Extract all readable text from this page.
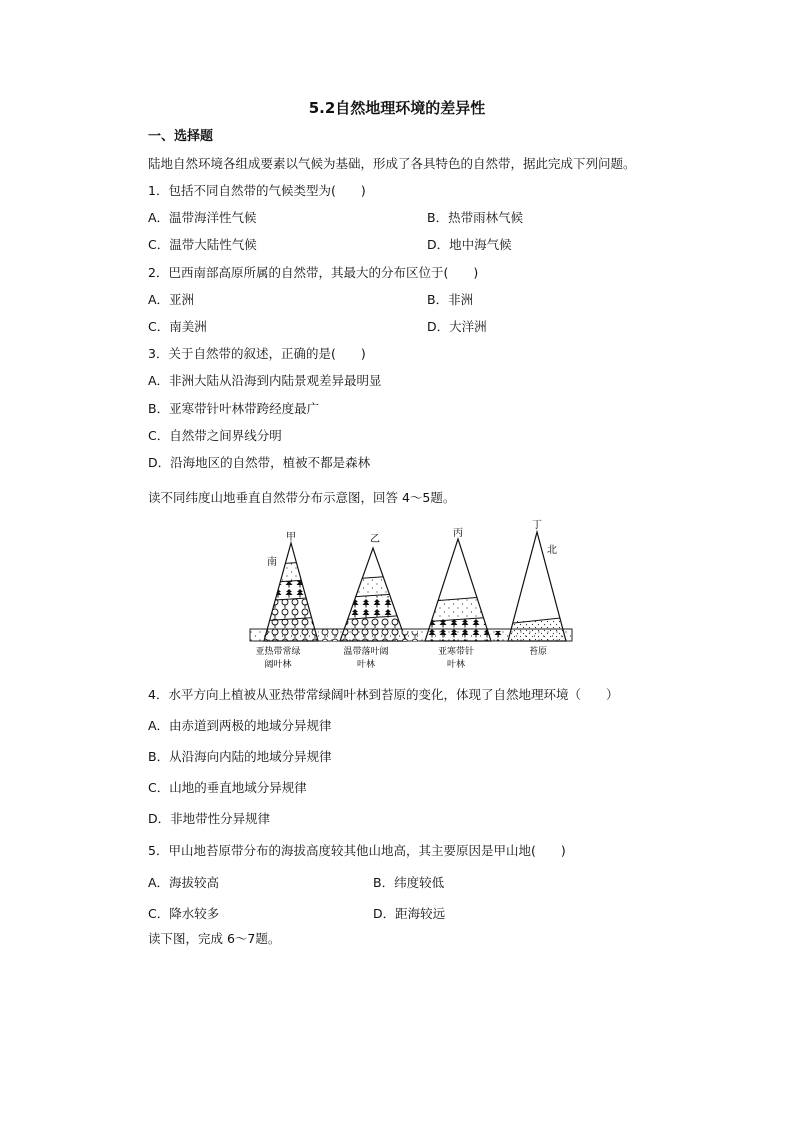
5.2自然地理环境的差异性
一、选择题
陆地自然环境各组成要素以气候为基础，形成了各具特色的自然带，据此完成下列问题。
1．包括不同自然带的气候类型为(　　)
A．温带海洋性气候	B．热带雨林气候
C．温带大陆性气候	D．地中海气候
2．巴西南部高原所属的自然带，其最大的分布区位于(　　)
A．亚洲	B．非洲
C．南美洲	D．大洋洲
3．关于自然带的叙述，正确的是(　　)
A．非洲大陆从沿海到内陆景观差异最明显
B．亚寒带针叶林带跨经度最广
C．自然带之间界线分明
D．沿海地区的自然带，植被不都是森林
读不同纬度山地垂直自然带分布示意图，回答 4～5题。
甲	乙
丙
丁
南
北
亚热带常绿
阔叶林
温带落叶阔
叶林
亚寒带针
叶林
苔原
4．水平方向上植被从亚热带常绿阔叶林到苔原的变化，体现了自然地理环境（　　）
A．由赤道到两极的地域分异规律
B．从沿海向内陆的地域分异规律
C．山地的垂直地域分异规律
D．非地带性分异规律
5．甲山地苔原带分布的海拔高度较其他山地高，其主要原因是甲山地(　　)
A．海拔较高	B．纬度较低
C．降水较多	D．距海较远
读下图，完成 6～7题。
